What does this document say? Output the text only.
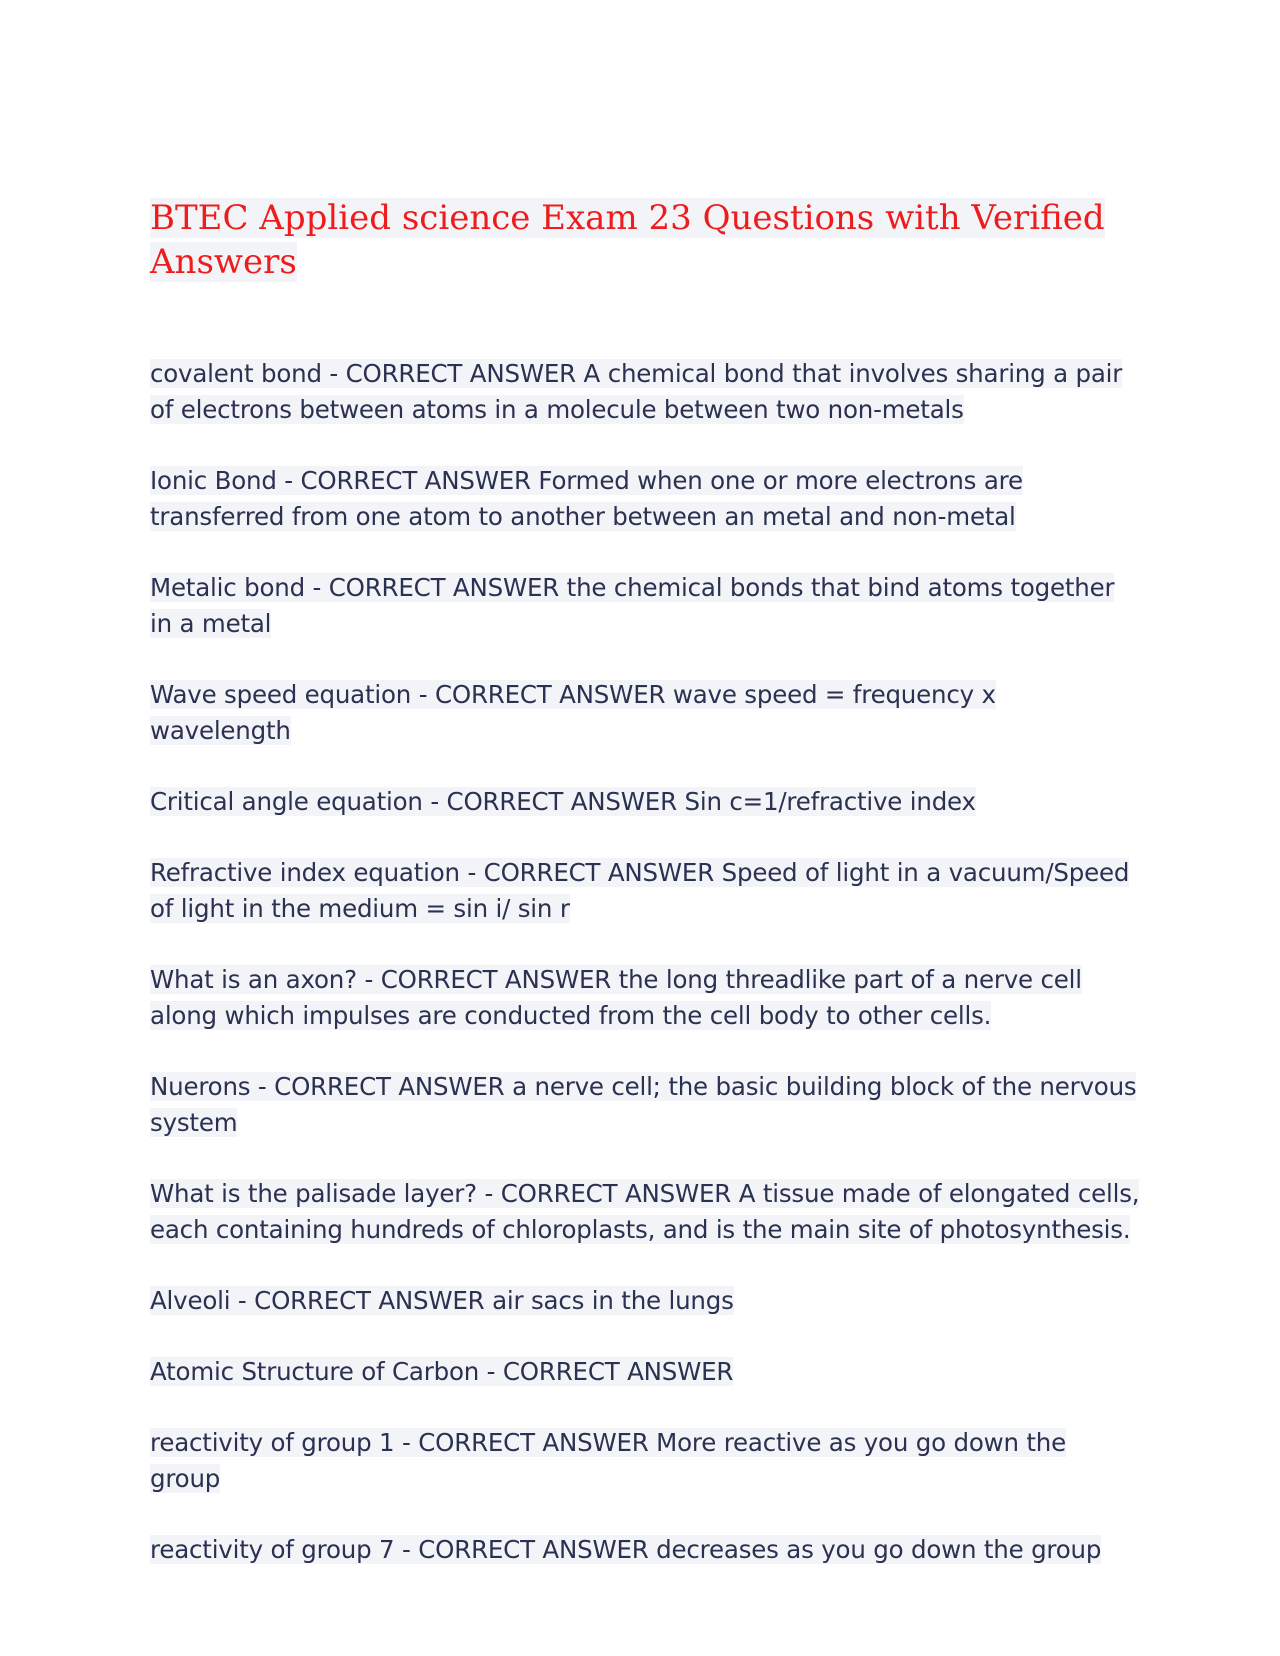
BTEC Applied science Exam 23 Questions with Verified Answers

covalent bond - CORRECT ANSWER A chemical bond that involves sharing a pair of electrons between atoms in a molecule between two non-metals

Ionic Bond - CORRECT ANSWER Formed when one or more electrons are transferred from one atom to another between an metal and non-metal

Metalic bond - CORRECT ANSWER the chemical bonds that bind atoms together in a metal

Wave speed equation - CORRECT ANSWER wave speed = frequency x wavelength

Critical angle equation - CORRECT ANSWER Sin c=1/refractive index

Refractive index equation - CORRECT ANSWER Speed of light in a vacuum/Speed of light in the medium = sin i/ sin r

What is an axon? - CORRECT ANSWER the long threadlike part of a nerve cell along which impulses are conducted from the cell body to other cells.

Nuerons - CORRECT ANSWER a nerve cell; the basic building block of the nervous system

What is the palisade layer? - CORRECT ANSWER A tissue made of elongated cells, each containing hundreds of chloroplasts, and is the main site of photosynthesis.

Alveoli - CORRECT ANSWER air sacs in the lungs

Atomic Structure of Carbon - CORRECT ANSWER

reactivity of group 1 - CORRECT ANSWER More reactive as you go down the group

reactivity of group 7 - CORRECT ANSWER decreases as you go down the group
